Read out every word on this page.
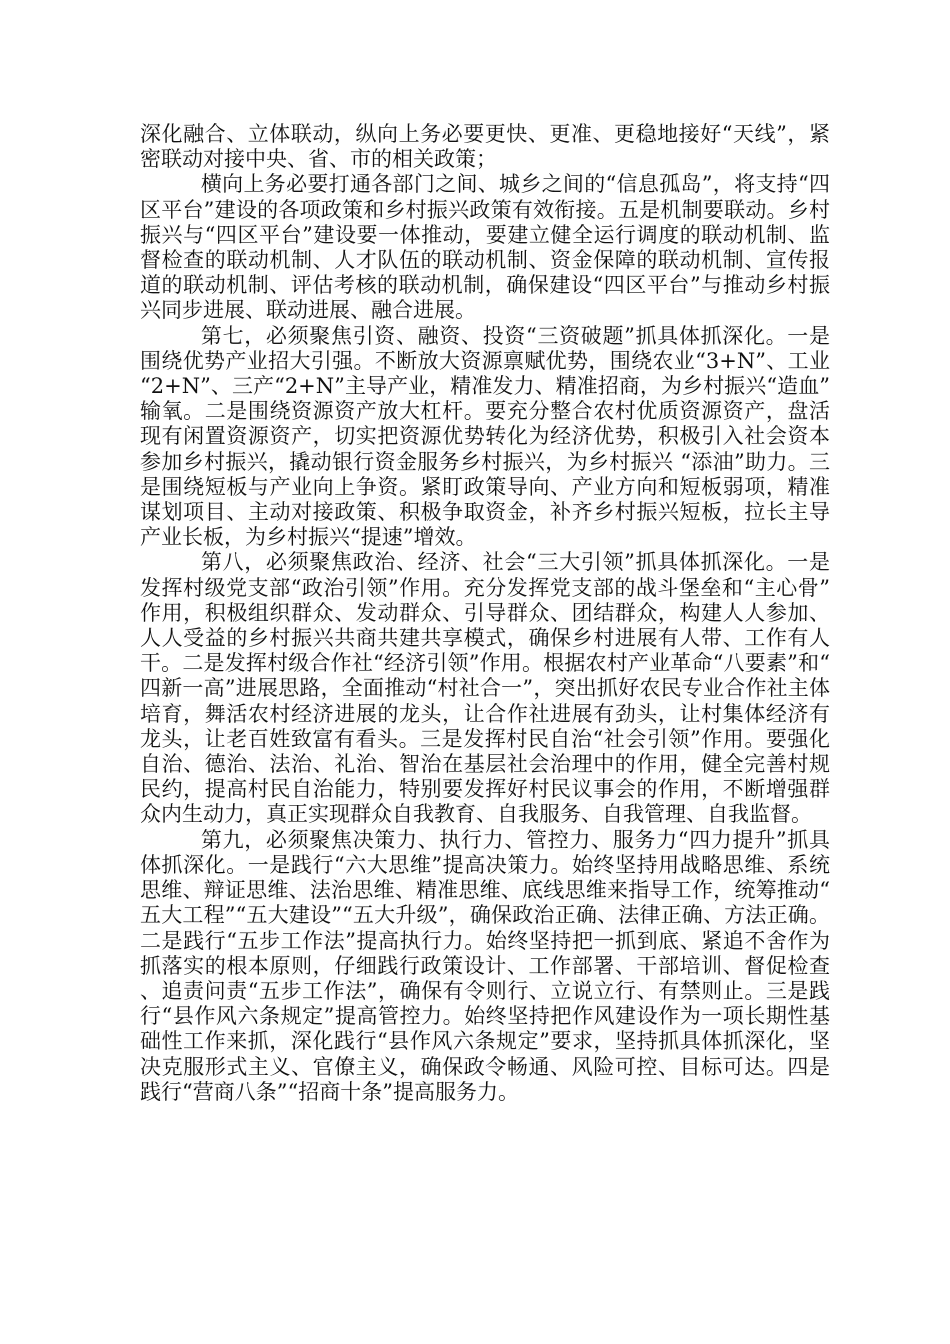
深化融合、立体联动，纵向上务必要更快、更准、更稳地接好“天线”，紧密联动对接中央、省、市的相关政策；

横向上务必要打通各部门之间、城乡之间的“信息孤岛”，将支持“四区平台”建设的各项政策和乡村振兴政策有效衔接。五是机制要联动。乡村振兴与“四区平台”建设要一体推动，要建立健全运行调度的联动机制、监督检查的联动机制、人才队伍的联动机制、资金保障的联动机制、宣传报道的联动机制、评估考核的联动机制，确保建设“四区平台”与推动乡村振兴同步进展、联动进展、融合进展。

第七，必须聚焦引资、融资、投资“三资破题”抓具体抓深化。一是围绕优势产业招大引强。不断放大资源禀赋优势，围绕农业“3+N”、工业“2+N”、三产“2+N”主导产业，精准发力、精准招商，为乡村振兴“造血”输氧。二是围绕资源资产放大杠杆。要充分整合农村优质资源资产，盘活现有闲置资源资产，切实把资源优势转化为经济优势，积极引入社会资本参加乡村振兴，撬动银行资金服务乡村振兴，为乡村振兴 “添油”助力。三是围绕短板与产业向上争资。紧盯政策导向、产业方向和短板弱项，精准谋划项目、主动对接政策、积极争取资金，补齐乡村振兴短板，拉长主导产业长板，为乡村振兴“提速”增效。

第八，必须聚焦政治、经济、社会“三大引领”抓具体抓深化。一是发挥村级党支部“政治引领”作用。充分发挥党支部的战斗堡垒和“主心骨”作用，积极组织群众、发动群众、引导群众、团结群众，构建人人参加、人人受益的乡村振兴共商共建共享模式，确保乡村进展有人带、工作有人干。二是发挥村级合作社“经济引领”作用。根据农村产业革命“八要素”和“四新一高”进展思路，全面推动“村社合一”，突出抓好农民专业合作社主体培育，舞活农村经济进展的龙头，让合作社进展有劲头，让村集体经济有龙头，让老百姓致富有看头。三是发挥村民自治“社会引领”作用。要强化自治、德治、法治、礼治、智治在基层社会治理中的作用，健全完善村规民约，提高村民自治能力，特别要发挥好村民议事会的作用，不断增强群众内生动力，真正实现群众自我教育、自我服务、自我管理、自我监督。

第九，必须聚焦决策力、执行力、管控力、服务力“四力提升”抓具体抓深化。一是践行“六大思维”提高决策力。始终坚持用战略思维、系统思维、辩证思维、法治思维、精准思维、底线思维来指导工作，统筹推动“五大工程”“五大建设”“五大升级”，确保政治正确、法律正确、方法正确。二是践行“五步工作法”提高执行力。始终坚持把一抓到底、紧追不舍作为抓落实的根本原则，仔细践行政策设计、工作部署、干部培训、督促检查、追责问责“五步工作法”，确保有令则行、立说立行、有禁则止。三是践行“县作风六条规定”提高管控力。始终坚持把作风建设作为一项长期性基础性工作来抓，深化践行“县作风六条规定”要求，坚持抓具体抓深化，坚决克服形式主义、官僚主义，确保政令畅通、风险可控、目标可达。四是践行“营商八条”“招商十条”提高服务力。
